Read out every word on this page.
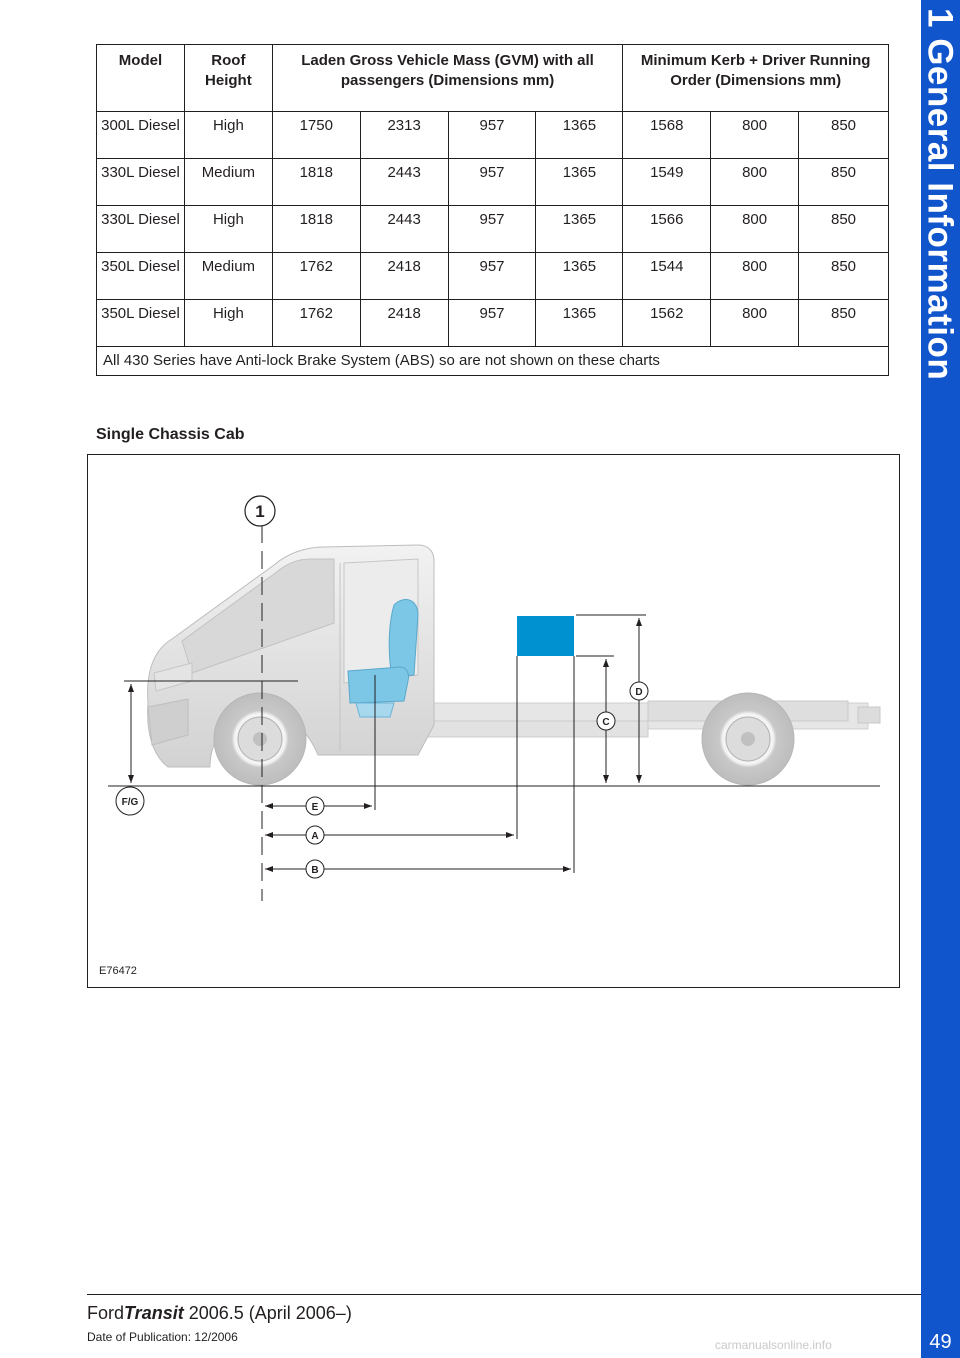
1 General Information
49
Model	Roof Height	Laden Gross Vehicle Mass (GVM) with all passengers (Dimensions mm)				Minimum Kerb + Driver Running Order (Dimensions mm)		
300L Diesel	High	1750	2313	957	1365	1568	800	850
330L Diesel	Medium	1818	2443	957	1365	1549	800	850
330L Diesel	High	1818	2443	957	1365	1566	800	850
350L Diesel	Medium	1762	2418	957	1365	1544	800	850
350L Diesel	High	1762	2418	957	1365	1562	800	850
All 430 Series have Anti-lock Brake System (ABS) so are not shown on these charts								
Single Chassis Cab
1
D
C
F/G	E
A
B
E76472
FordTransit 2006.5 (April 2006–)
Date of Publication: 12/2006
carmanualsonline.info
